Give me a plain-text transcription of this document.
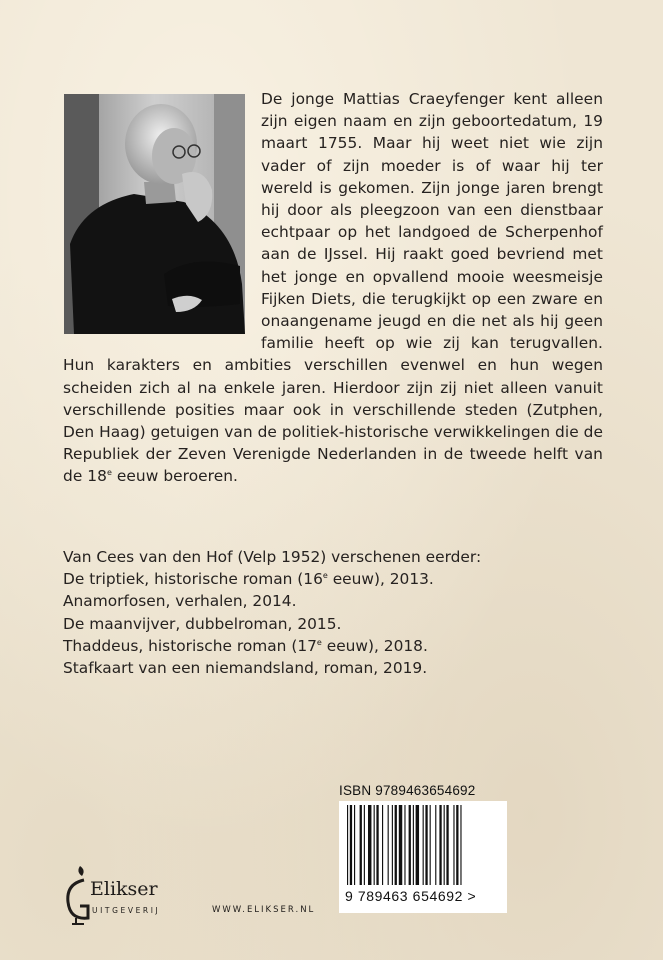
De jonge Mattias Craeyfenger kent alleen zijn eigen naam en zijn geboortedatum, 19 maart 1755. Maar hij weet niet wie zijn vader of zijn moeder is of waar hij ter wereld is gekomen. Zijn jonge jaren brengt hij door als pleegzoon van een dienstbaar echtpaar op het landgoed de Scherpenhof aan de IJssel. Hij raakt goed bevriend met het jonge en opvallend mooie weesmeisje Fijken Diets, die terugkijkt op een zware en onaangename jeugd en die net als hij geen familie heeft op wie zij kan terugvallen. Hun karakters en ambities verschillen evenwel en hun wegen scheiden zich al na enkele jaren. Hierdoor zijn zij niet alleen vanuit verschillende posities maar ook in verschillende steden (Zutphen, Den Haag) getuigen van de politiek-historische verwikkelingen die de Republiek der Zeven Verenigde Nederlanden in de tweede helft van de 18e eeuw beroeren.

Van Cees van den Hof (Velp 1952) verschenen eerder:
De triptiek, historische roman (16e eeuw), 2013.
Anamorfosen, verhalen, 2014.
De maanvijver, dubbelroman, 2015.
Thaddeus, historische roman (17e eeuw), 2018.
Stafkaart van een niemandsland, roman, 2019.
ISBN 9789463654692
9 789463 654692 >
Elikser
UITGEVERIJ	WWW.ELIKSER.NL
